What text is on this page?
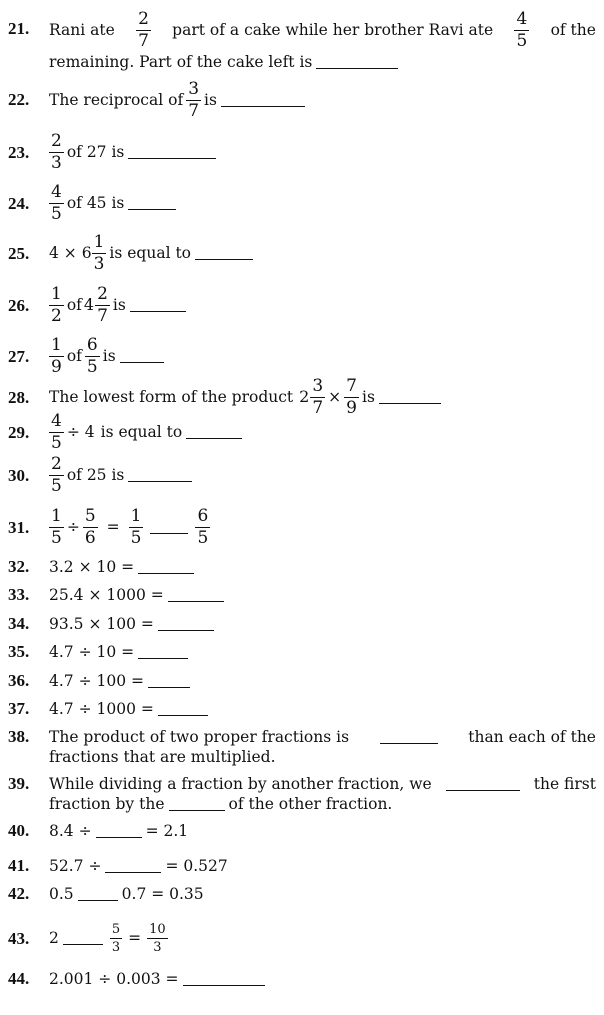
21. Rani ate
2
7
part of a cake while her brother Ravi ate
4
5
of the
remaining. Part of the cake left is
22. The reciprocal of
3
7
is
23.
2
3
of 27 is
24.
4
5
of 45 is
25. 4 × 6
1
3
is equal to
26.
1
2
of 4
2
7
is
27.
1
9
of
6
5
is
28. The lowest form of the product 2
3
7
× $\frac{7}{9}$ is
29. $\frac{4}{5} \div 4$ is equal to
30.
2
5
of 25 is
31. $\frac{1}{5} \div \frac{5}{6} = \frac{1}{5}$	6
5
32. 3.2 × 10 =
33. 25.4 × 1000 =
34. 93.5 × 100 =
35. 4.7 ÷ 10 =
36. 4.7 ÷ 100 =
37. 4.7 ÷ 1000 =
38. The product of two proper fractions is	than each of the
fractions that are multiplied.
39. While dividing a fraction by another fraction, we	the first
fraction by the	of the other fraction.
40. 8.4 ÷	= 2.1
41. 52.7 ÷	= 0.527
42. 0.5	0.7 = 0.35
43. 2	$\frac{5}{3} = \frac{10}{3}$
44. 2.001 ÷ 0.003 =
